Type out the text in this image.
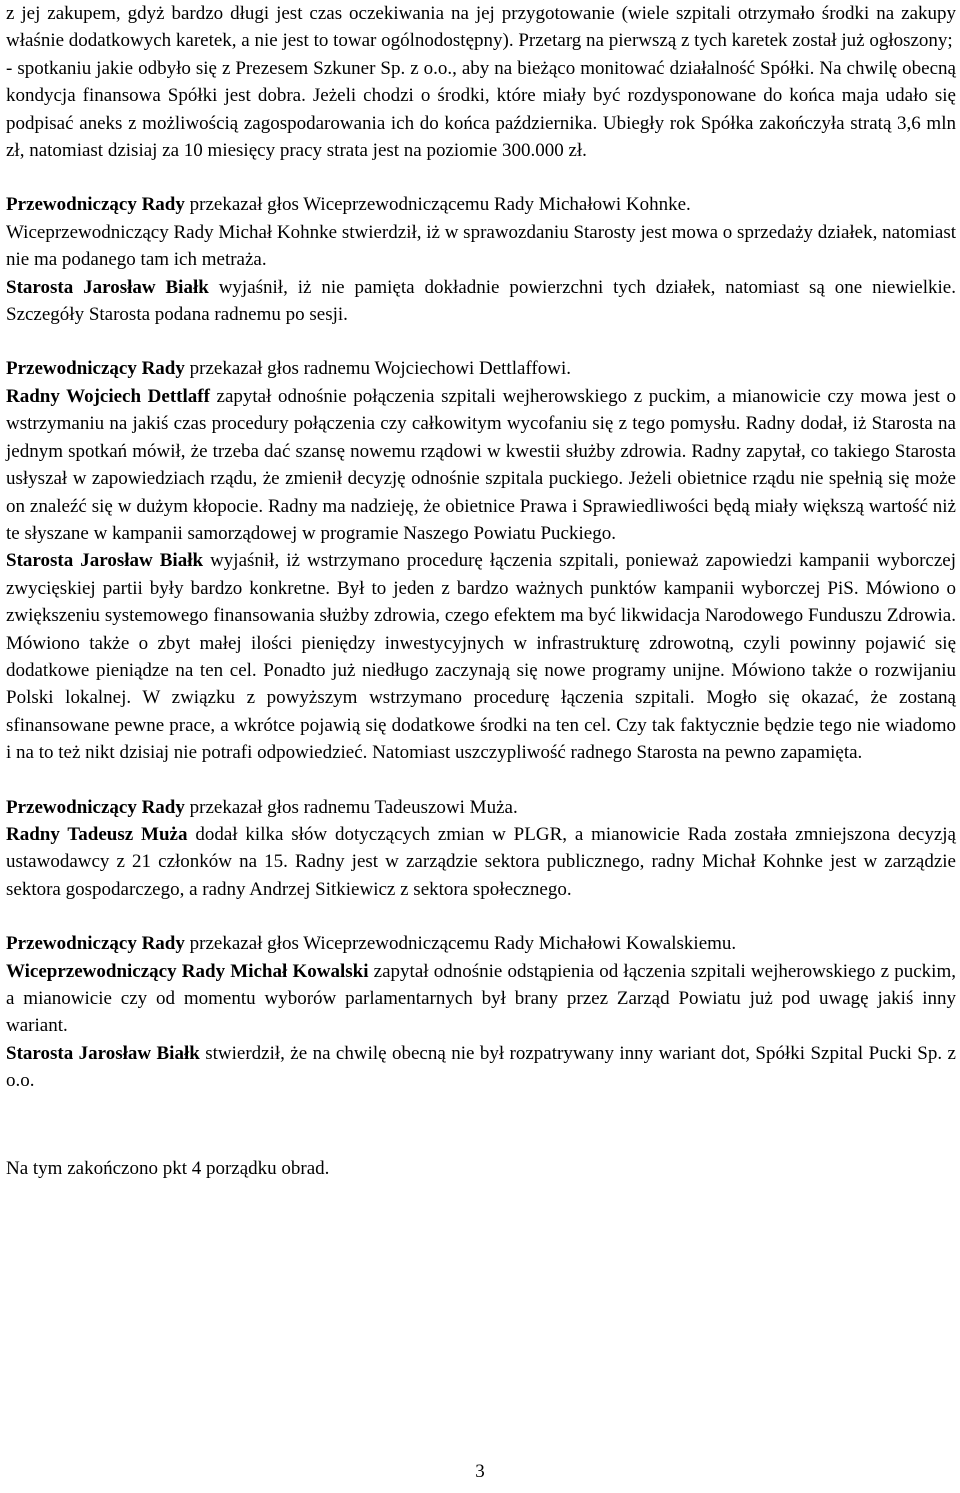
z jej zakupem, gdyż bardzo długi jest czas oczekiwania na jej przygotowanie (wiele szpitali otrzymało środki na zakupy właśnie dodatkowych karetek, a nie jest to towar ogólnodostępny). Przetarg na pierwszą z tych karetek został już ogłoszony;

- spotkaniu jakie odbyło się z Prezesem Szkuner Sp. z o.o., aby na bieżąco monitować działalność Spółki. Na chwilę obecną kondycja finansowa Spółki jest dobra. Jeżeli chodzi o środki, które miały być rozdysponowane do końca maja udało się podpisać aneks z możliwością zagospodarowania ich do końca października. Ubiegły rok Spółka zakończyła stratą 3,6 mln zł, natomiast dzisiaj za 10 miesięcy pracy strata jest na poziomie 300.000 zł.

Przewodniczący Rady przekazał głos Wiceprzewodniczącemu Rady Michałowi Kohnke.

Wiceprzewodniczący Rady Michał Kohnke stwierdził, iż w sprawozdaniu Starosty jest mowa o sprzedaży działek, natomiast nie ma podanego tam ich metraża.

Starosta Jarosław Białk wyjaśnił, iż nie pamięta dokładnie powierzchni tych działek, natomiast są one niewielkie. Szczegóły Starosta podana radnemu po sesji.

Przewodniczący Rady przekazał głos radnemu Wojciechowi Dettlaffowi.

Radny Wojciech Dettlaff zapytał odnośnie połączenia szpitali wejherowskiego z puckim, a mianowicie czy mowa jest o wstrzymaniu na jakiś czas procedury połączenia czy całkowitym wycofaniu się z tego pomysłu. Radny dodał, iż Starosta na jednym spotkań mówił, że trzeba dać szansę nowemu rządowi w kwestii służby zdrowia. Radny zapytał, co takiego Starosta usłyszał w zapowiedziach rządu, że zmienił decyzję odnośnie szpitala puckiego. Jeżeli obietnice rządu nie spełnią się może on znaleźć się w dużym kłopocie. Radny ma nadzieję, że obietnice Prawa i Sprawiedliwości będą miały większą wartość niż te słyszane w kampanii samorządowej w programie Naszego Powiatu Puckiego.

Starosta Jarosław Białk wyjaśnił, iż wstrzymano procedurę łączenia szpitali, ponieważ zapowiedzi kampanii wyborczej zwycięskiej partii były bardzo konkretne. Był to jeden z bardzo ważnych punktów kampanii wyborczej PiS. Mówiono o zwiększeniu systemowego finansowania służby zdrowia, czego efektem ma być likwidacja Narodowego Funduszu Zdrowia. Mówiono także o zbyt małej ilości pieniędzy inwestycyjnych w infrastrukturę zdrowotną, czyli powinny pojawić się dodatkowe pieniądze na ten cel. Ponadto już niedługo zaczynają się nowe programy unijne. Mówiono także o rozwijaniu Polski lokalnej. W związku z powyższym wstrzymano procedurę łączenia szpitali. Mogło się okazać, że zostaną sfinansowane pewne prace, a wkrótce pojawią się dodatkowe środki na ten cel. Czy tak faktycznie będzie tego nie wiadomo i na to też nikt dzisiaj nie potrafi odpowiedzieć. Natomiast uszczypliwość radnego Starosta na pewno zapamięta.

Przewodniczący Rady przekazał głos radnemu Tadeuszowi Mużа.

Radny Tadeusz Muża dodał kilka słów dotyczących zmian w PLGR, a mianowicie Rada została zmniejszona decyzją ustawodawcy z 21 członków na 15. Radny jest w zarządzie sektora publicznego, radny Michał Kohnke jest w zarządzie sektora gospodarczego, a radny Andrzej Sitkiewicz z sektora społecznego.

Przewodniczący Rady przekazał głos Wiceprzewodniczącemu Rady Michałowi Kowalskiemu.

Wiceprzewodniczący Rady Michał Kowalski zapytał odnośnie odstąpienia od łączenia szpitali wejherowskiego z puckim, a mianowicie czy od momentu wyborów parlamentarnych był brany przez Zarząd Powiatu już pod uwagę jakiś inny wariant.

Starosta Jarosław Białk stwierdził, że na chwilę obecną nie był rozpatrywany inny wariant dot, Spółki Szpital Pucki Sp. z o.o.

Na tym zakończono pkt 4 porządku obrad.

3
